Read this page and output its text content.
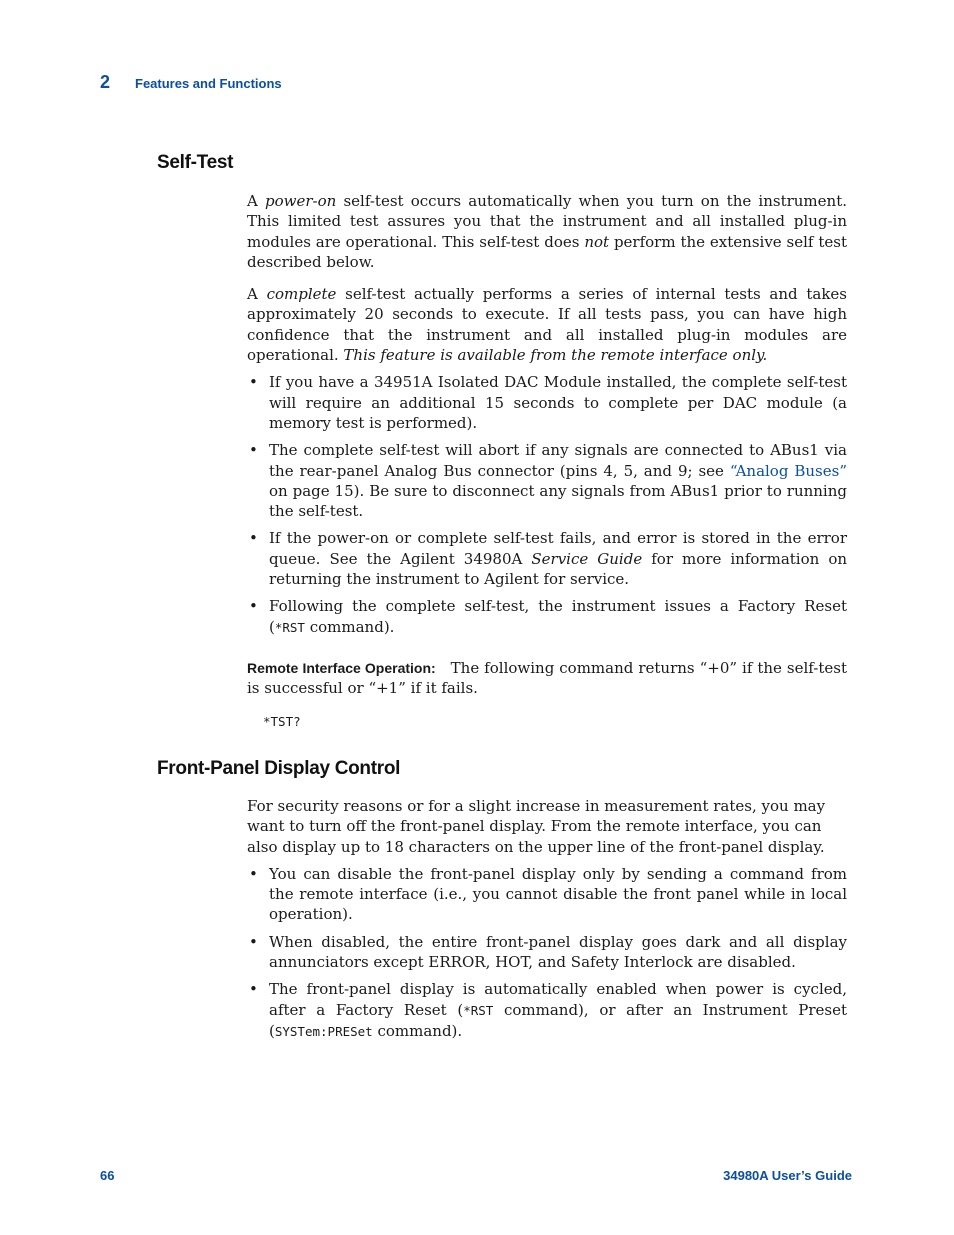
2 Features and Functions
Self-Test

A power-on self-test occurs automatically when you turn on the instrument. This limited test assures you that the instrument and all installed plug-in modules are operational. This self-test does not perform the extensive self test described below.

A complete self-test actually performs a series of internal tests and takes approximately 20 seconds to execute. If all tests pass, you can have high confidence that the instrument and all installed plug-in modules are operational. This feature is available from the remote interface only.

• If you have a 34951A Isolated DAC Module installed, the complete self-test will require an additional 15 seconds to complete per DAC module (a memory test is performed).
• The complete self-test will abort if any signals are connected to ABus1 via the rear-panel Analog Bus connector (pins 4, 5, and 9; see “Analog Buses” on page 15). Be sure to disconnect any signals from ABus1 prior to running the self-test.
• If the power-on or complete self-test fails, and error is stored in the error queue. See the Agilent 34980A Service Guide for more information on returning the instrument to Agilent for service.
• Following the complete self-test, the instrument issues a Factory Reset (*RST command).

Remote Interface Operation: The following command returns “+0” if the self-test is successful or “+1” if it fails.

*TST?
Front-Panel Display Control

For security reasons or for a slight increase in measurement rates, you may want to turn off the front-panel display. From the remote interface, you can also display up to 18 characters on the upper line of the front-panel display.

• You can disable the front-panel display only by sending a command from the remote interface (i.e., you cannot disable the front panel while in local operation).
• When disabled, the entire front-panel display goes dark and all display annunciators except ERROR, HOT, and Safety Interlock are disabled.
• The front-panel display is automatically enabled when power is cycled, after a Factory Reset (*RST command), or after an Instrument Preset (SYSTem:PRESet command).
66	34980A User’s Guide
